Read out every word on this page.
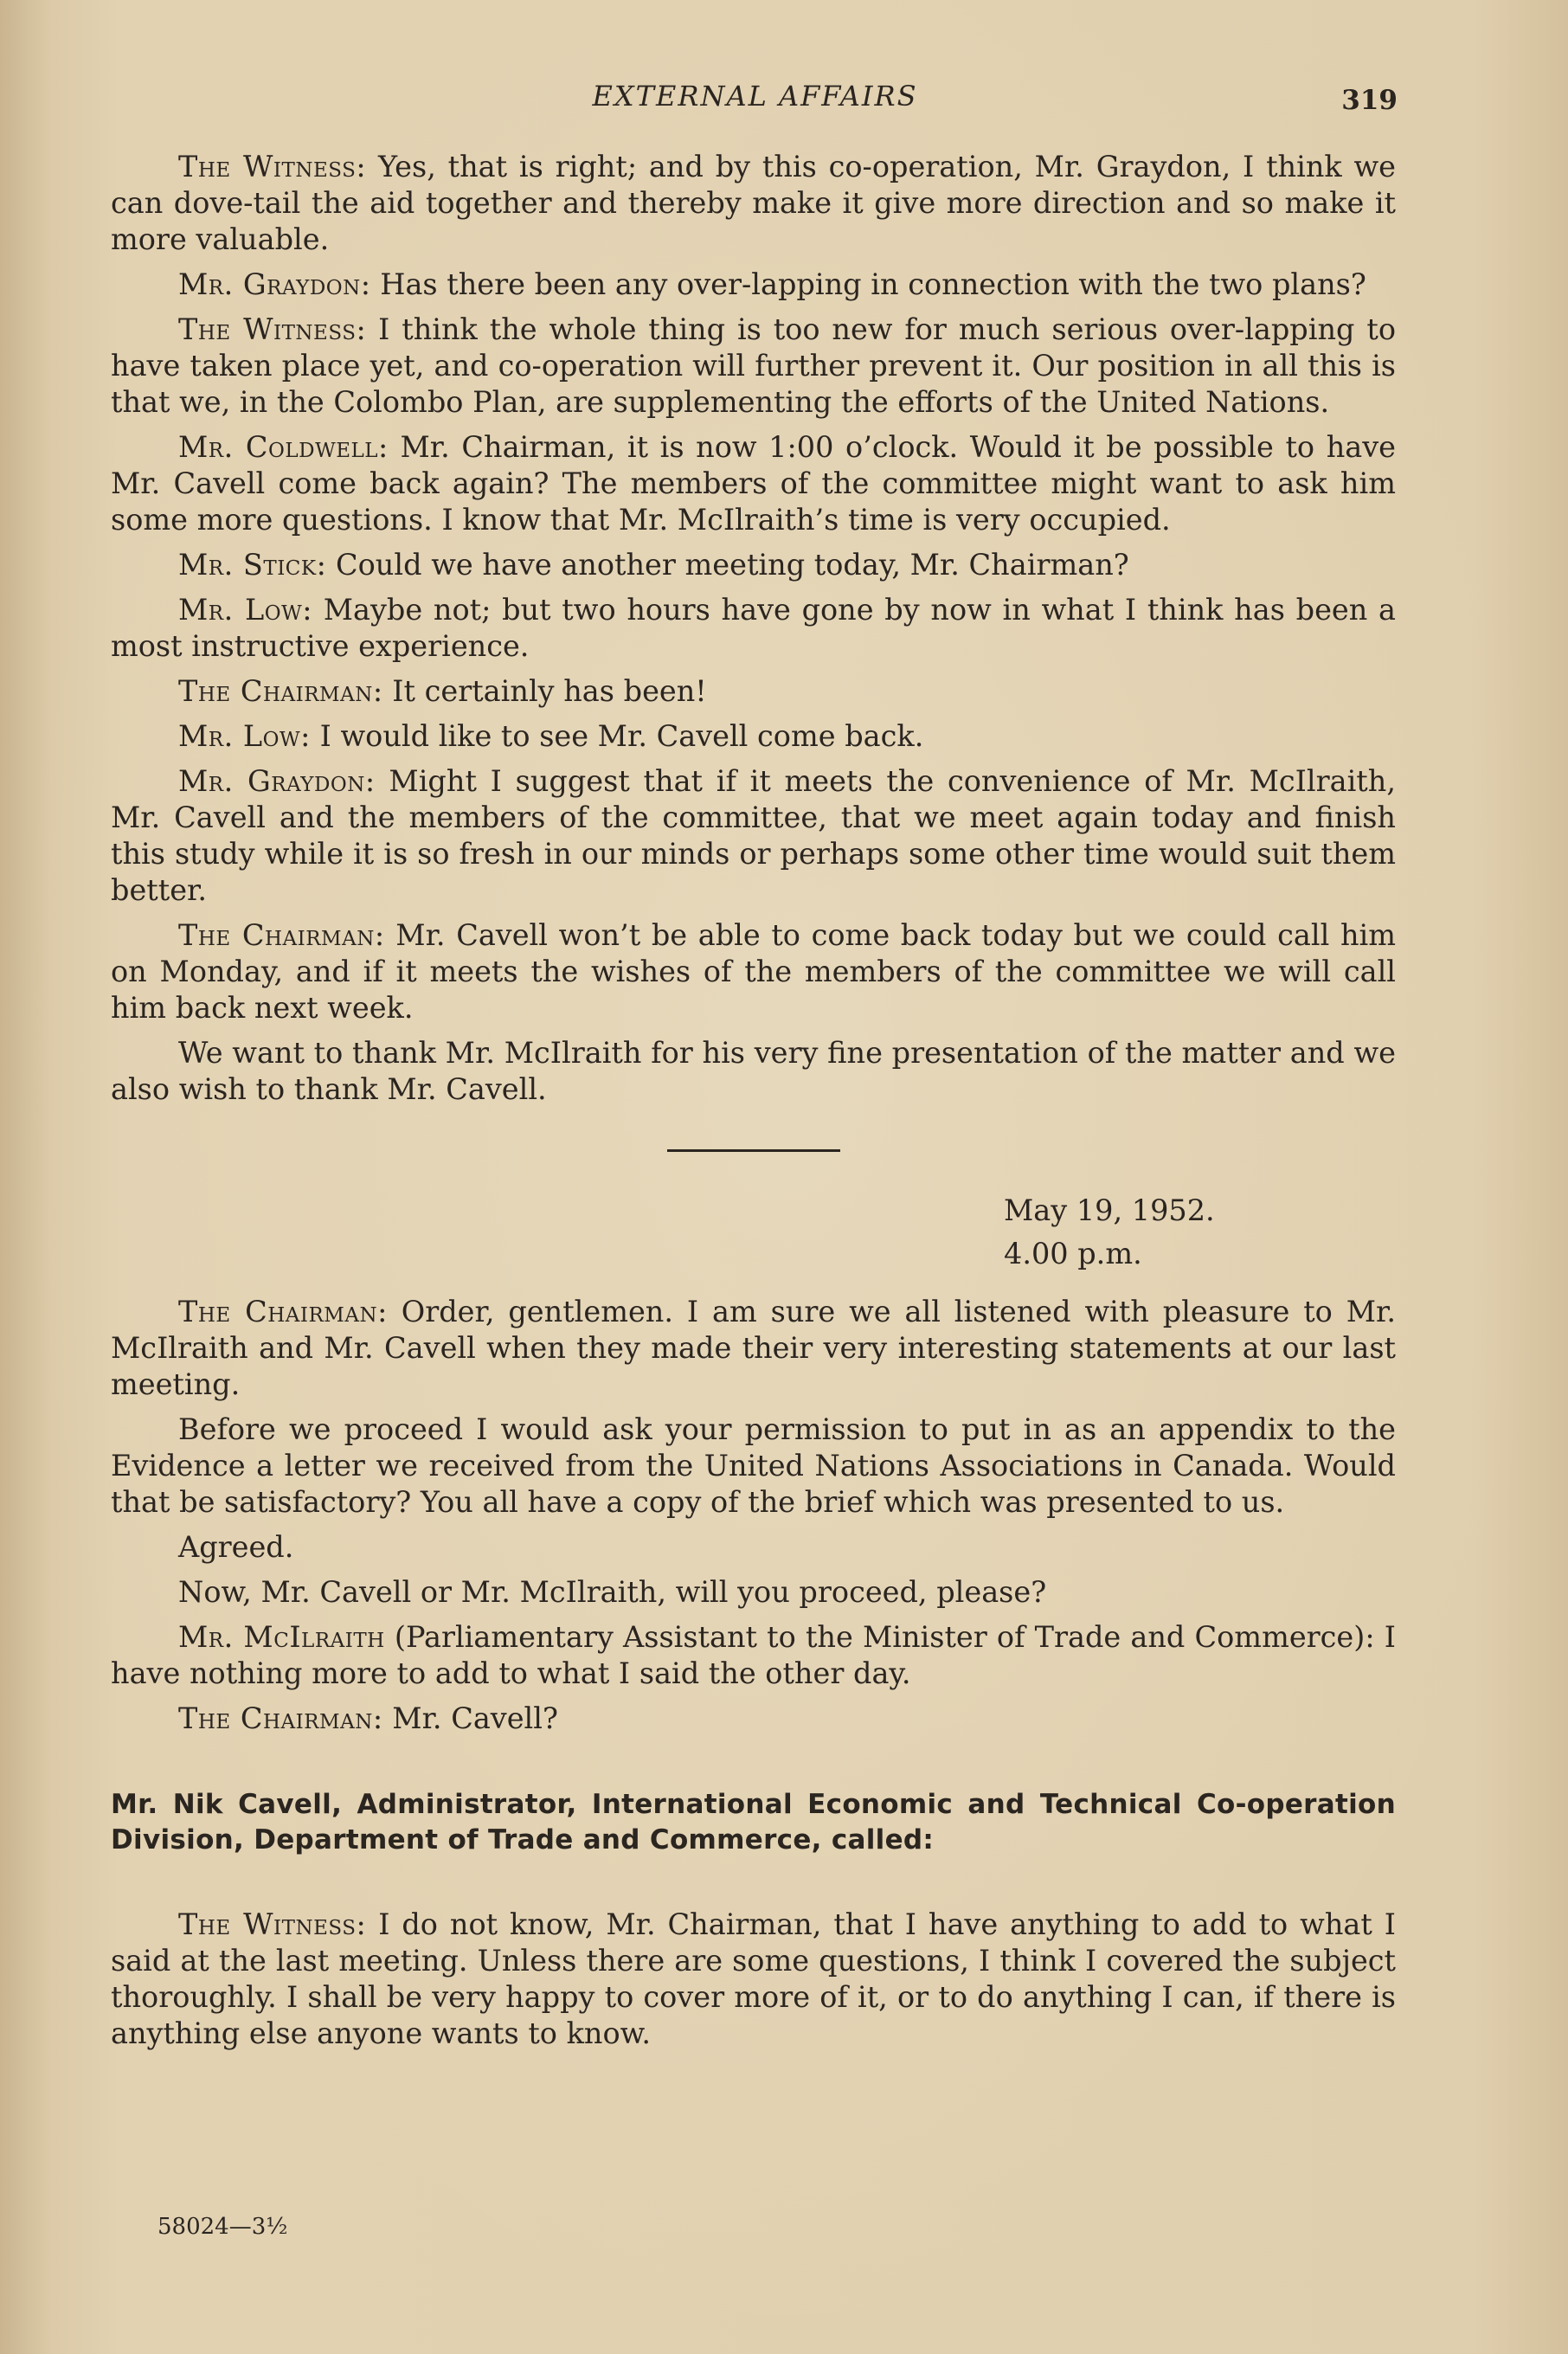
EXTERNAL AFFAIRS	319

The Witness: Yes, that is right; and by this co-operation, Mr. Graydon, I think we can dove-tail the aid together and thereby make it give more direction and so make it more valuable.

Mr. Graydon: Has there been any over-lapping in connection with the two plans?

The Witness: I think the whole thing is too new for much serious over-lapping to have taken place yet, and co-operation will further prevent it. Our position in all this is that we, in the Colombo Plan, are supplementing the efforts of the United Nations.

Mr. Coldwell: Mr. Chairman, it is now 1:00 o’clock. Would it be possible to have Mr. Cavell come back again? The members of the committee might want to ask him some more questions. I know that Mr. McIlraith’s time is very occupied.

Mr. Stick: Could we have another meeting today, Mr. Chairman?

Mr. Low: Maybe not; but two hours have gone by now in what I think has been a most instructive experience.

The Chairman: It certainly has been!

Mr. Low: I would like to see Mr. Cavell come back.

Mr. Graydon: Might I suggest that if it meets the convenience of Mr. McIlraith, Mr. Cavell and the members of the committee, that we meet again today and finish this study while it is so fresh in our minds or perhaps some other time would suit them better.

The Chairman: Mr. Cavell won’t be able to come back today but we could call him on Monday, and if it meets the wishes of the members of the committee we will call him back next week.

We want to thank Mr. McIlraith for his very fine presentation of the matter and we also wish to thank Mr. Cavell.

May 19, 1952.
4.00 p.m.

The Chairman: Order, gentlemen. I am sure we all listened with pleasure to Mr. McIlraith and Mr. Cavell when they made their very interesting statements at our last meeting.

Before we proceed I would ask your permission to put in as an appendix to the Evidence a letter we received from the United Nations Associations in Canada. Would that be satisfactory? You all have a copy of the brief which was presented to us.

Agreed.

Now, Mr. Cavell or Mr. McIlraith, will you proceed, please?

Mr. McIlraith (Parliamentary Assistant to the Minister of Trade and Commerce): I have nothing more to add to what I said the other day.

The Chairman: Mr. Cavell?

Mr. Nik Cavell, Administrator, International Economic and Technical Co-operation Division, Department of Trade and Commerce, called:

The Witness: I do not know, Mr. Chairman, that I have anything to add to what I said at the last meeting. Unless there are some questions, I think I covered the subject thoroughly. I shall be very happy to cover more of it, or to do anything I can, if there is anything else anyone wants to know.

58024—3½
